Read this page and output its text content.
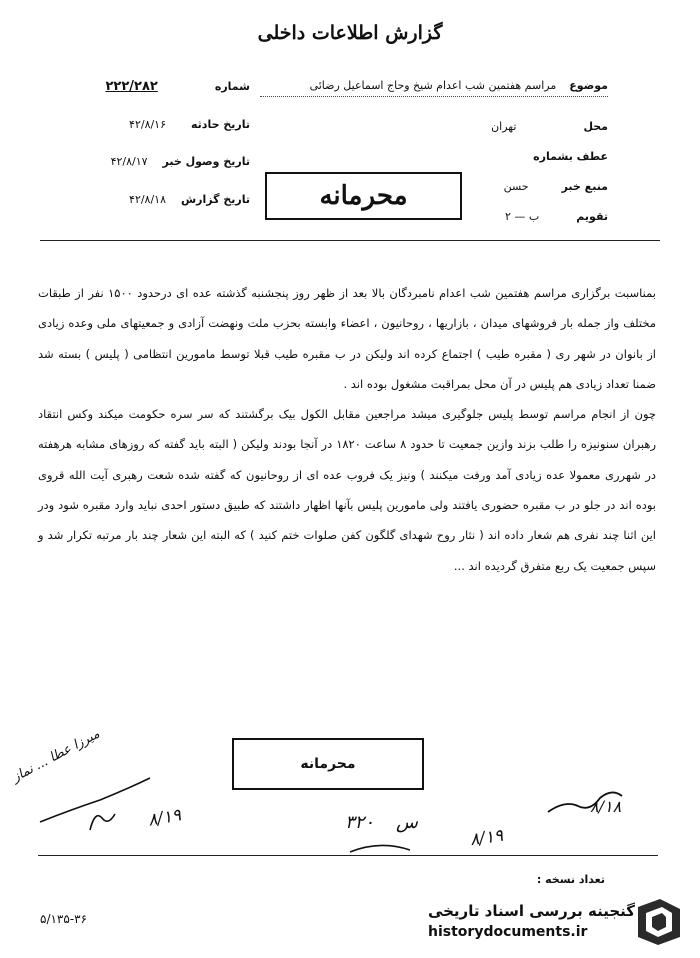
گزارش اطلاعات داخلی
موضوع  مراسم هفتمین شب اعدام شیخ وحاج اسماعیل رضائی
محل  تهران
عطف بشماره
منبع خبر  حسن
تقویم  ب — ۲
شماره  ۲۲۲/۲۸۲
تاریخ حادثه  ۴۲/۸/۱۶
تاریخ وصول خبر  ۴۲/۸/۱۷
تاریخ گزارش  ۴۲/۸/۱۸	محرمانه

بمناسبت برگزاری مراسم هفتمین شب اعدام نامبردگان بالا بعد از ظهر روز پنجشنبه گذشته عده ای درحدود ۱۵۰۰ نفر از طبقات مختلف واز جمله بار فروشهای میدان ، بازاریها ، روحانیون ، اعضاء وابسته بحزب ملت ونهضت آزادی و جمعیتهای ملی وعده زیادی از بانوان در شهر ری ( مقبره طیب ) اجتماع کرده اند ولیکن در ب مقبره طیب قبلا توسط مامورین انتظامی ( پلیس ) بسته شد ضمنا تعداد زیادی هم پلیس در آن محل بمراقبت مشغول بوده اند .

چون از انجام مراسم توسط پلیس جلوگیری میشد مراجعین مقابل الکول بیک برگشتند که سر سره حکومت میکند وکس انتقاد رهبران سنونیزه را طلب بزند وازین جمعیت تا حدود ۸ ساعت ۱۸۲۰ در آنجا بودند ولیکن ( البته باید گفته که روزهای مشابه هرهفته در شهرری معمولا عده زیادی آمد ورفت میکنند ) ونیز یک فروب عده ای از روحانیون که گفته شده شعت رهبری آیت الله قروی بوده اند در جلو در ب مقبره حضوری یافتند ولی مامورین پلیس بآنها اظهار داشتند که طبیق دستور احدی نباید وارد مقبره شود ودر این اثنا چند نفری هم شعار داده اند ( نثار روح شهدای گلگون کفن صلوات ختم کنید ) که البته این شعار چند بار مرتبه تکرار شد و سپس جمعیت یک ربع متفرق گردیده اند ...

محرمانه
میرزا عطا ... نماز
۸/۱۹	۳۲۰ س
۸/۱۹
۸/۱۸
تعداد نسخه :
۵/۱۳۵-۳۶	گنجینه بررسی اسناد تاریخی
historydocuments.ir
